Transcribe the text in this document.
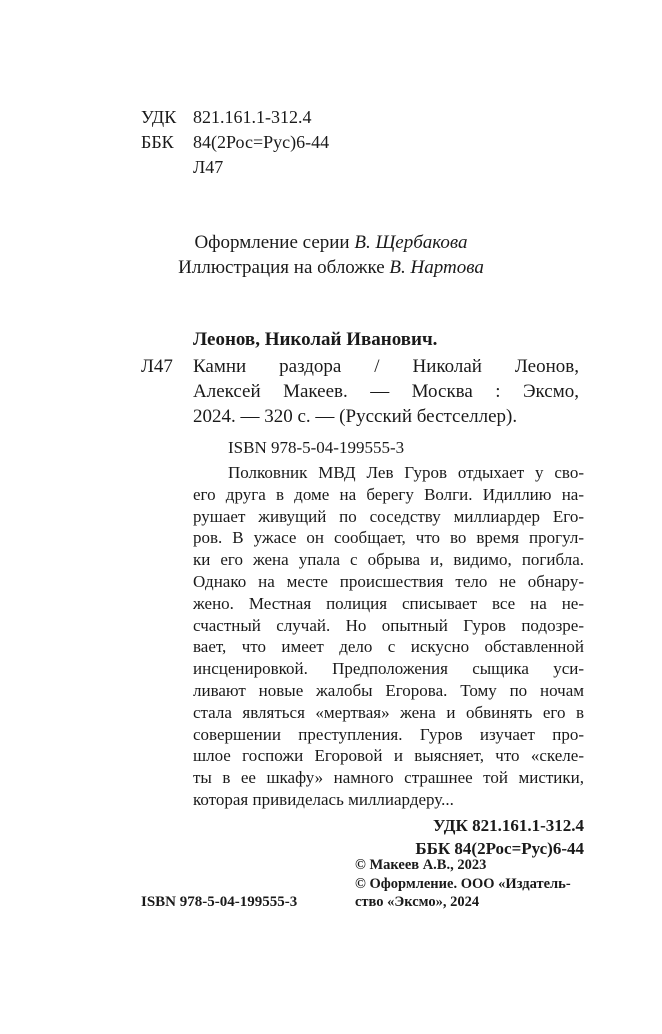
УДК 821.161.1-312.4
ББК 84(2Рос=Рус)6-44
Л47
Оформление серии В. Щербакова
Иллюстрация на обложке В. Нартова
Леонов, Николай Иванович.
Л47 Камни раздора / Николай Леонов,
Алексей Макеев. — Москва : Эксмо,
2024. — 320 с. — (Русский бестселлер).
ISBN 978-5-04-199555-3
Полковник МВД Лев Гуров отдыхает у сво-
его друга в доме на берегу Волги. Идиллию на-
рушает живущий по соседству миллиардер Его-
ров. В ужасе он сообщает, что во время прогул-
ки его жена упала с обрыва и, видимо, погибла.
Однако на месте происшествия тело не обнару-
жено. Местная полиция списывает все на не-
счастный случай. Но опытный Гуров подозре-
вает, что имеет дело с искусно обставленной
инсценировкой. Предположения сыщика уси-
ливают новые жалобы Егорова. Тому по ночам
стала являться «мертвая» жена и обвинять его в
совершении преступления. Гуров изучает про-
шлое госпожи Егоровой и выясняет, что «скеле-
ты в ее шкафу» намного страшнее той мистики,
которая привиделась миллиардеру...
УДК 821.161.1-312.4
ББК 84(2Рос=Рус)6-44
ISBN 978-5-04-199555-3
© Макеев А.В., 2023
© Оформление. ООО «Издатель-
ство «Эксмо», 2024
